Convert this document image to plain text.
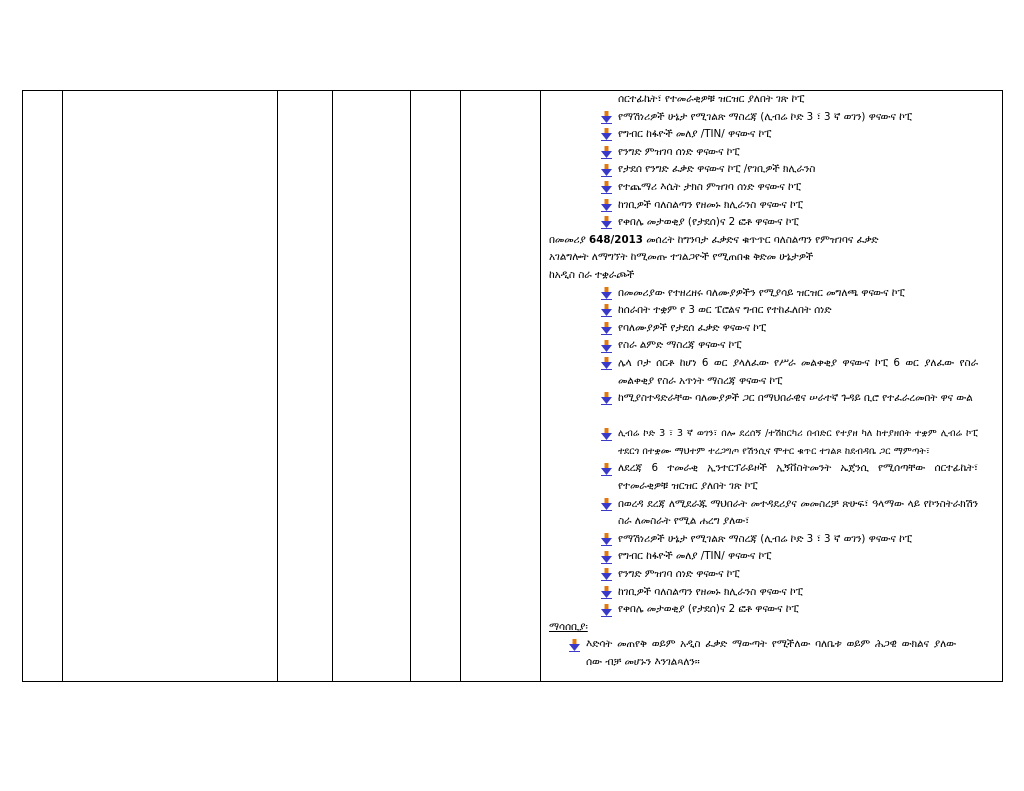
ሰርተፊኬት፣ የተመራቂዎቹ ዝርዝር ያለበት ገጽ ኮፒ
የማሽነሪዎች ሁኔታ የሚገልጽ ማስረጃ (ሊብሬ ኮድ 3 ፣ 3 ኛ ወገን) ዋናውና ኮፒ
የግብር ከፋዮች መለያ /TIN/ ዋናውና ኮፒ
የንግድ ምዝገባ ሰነድ ዋናውና ኮፒ
የታደሰ የንግድ ፈቃድ ዋናውና ኮፒ /የገቢዎች ክሊራንስ
የተጨማሪ እሴት ታክስ ምዝገባ ሰነድ ዋናውና ኮፒ
ከገቢዎች ባለስልጣን የዘመኑ ክሊራንስ ዋናውና ኮፒ
የቀበሌ መታወቂያ (የታደሰ)ና 2 ፎቶ ዋናውና ኮፒ
በመመሪያ 648/2013 መሰረት ከግንባታ ፈቃድና ቁጥጥር ባለስልጣን የምዝገባና ፈቃድ
አገልግሎት ለማግኘት ከሚመጡ ተገልጋዮች የሚጠበቁ ቅድመ ሁኔታዎች
ከአዲስ ስራ ተቋራጮች
በመመሪያው የተዘረዘሩ ባለሙያዎችን የሚያሳይ ዝርዝር መግለጫ ዋናውና ኮፒ
ከሰራበት ተቋም የ 3 ወር ፔሮልና ግብር የተከፈለበት ሰነድ
የባለሙያዎች የታደሰ ፈቃድ ዋናውና ኮፒ
የስራ ልምድ ማስረጃ ዋናውና ኮፒ
ሌላ ቦታ ሰርቶ ከሆነ 6 ወር ያላለፈው የሥራ መልቀቂያ ዋናውና ኮፒ 6 ወር ያለፈው የስራ መልቀቂያ የስራ አጥነት ማስረጃ ዋናውና ኮፒ
ከሚያስተዳድራቸው ባለሙያዎች ጋር በማህበራዊና ሠራተኛ ጉዳይ ቢሮ የተፈራረመበት ዋና ውል
ሊብሬ ኮድ 3 ፣ 3 ኛ ወገን፣ በሎ ደረሰኝ /ተሽከርካሪ በብድር የተያዘ ካለ ከተያዘበት ተቋም ሊብሬ ኮፒ ተደርጎ በተቋሙ ማህተም ተረጋግጦ የሽንሲና ሞተር ቁጥር ተገልጾ ከደብዳቤ ጋር ማምጣት፣
ለደረጃ 6 ተመራቂ ኢንተርፕራይዞች ኢኝቨስትመንት ኤጀንሲ የሚሰጣቸው ሰርተፊኬት፣ የተመራቂዎቹ ዝርዝር ያለበት ገጽ ኮፒ
በወረዳ ደረጃ ለሚደራጁ ማህበራት መተዳደሪያና መመስረቻ ጽሁፍ፣ ዓላማው ላይ የኮንስትራክሽን ስራ ለመስራት የሚል ሐረግ ያለው፣
የማሽነሪዎች ሁኔታ የሚገልጽ ማስረጃ (ሊብሬ ኮድ 3 ፣ 3 ኛ ወገን) ዋናውና ኮፒ
የግብር ከፋዮች መለያ /TIN/ ዋናውና ኮፒ
የንግድ ምዝገባ ሰነድ ዋናውና ኮፒ
ከገቢዎች ባለስልጣን የዘመኑ ክሊራንስ ዋናውና ኮፒ
የቀበሌ መታወቂያ (የታደሰ)ና 2 ፎቶ ዋናውና ኮፒ
ማሳሰቢያ፡
እድሳት መጠየቅ ወይም አዲስ ፈቃድ ማውጣት የሚችለው ባለቤቱ ወይም ሕጋዊ ውክልና ያለው ሰው ብቻ መሆኑን እንገልጻለን።
